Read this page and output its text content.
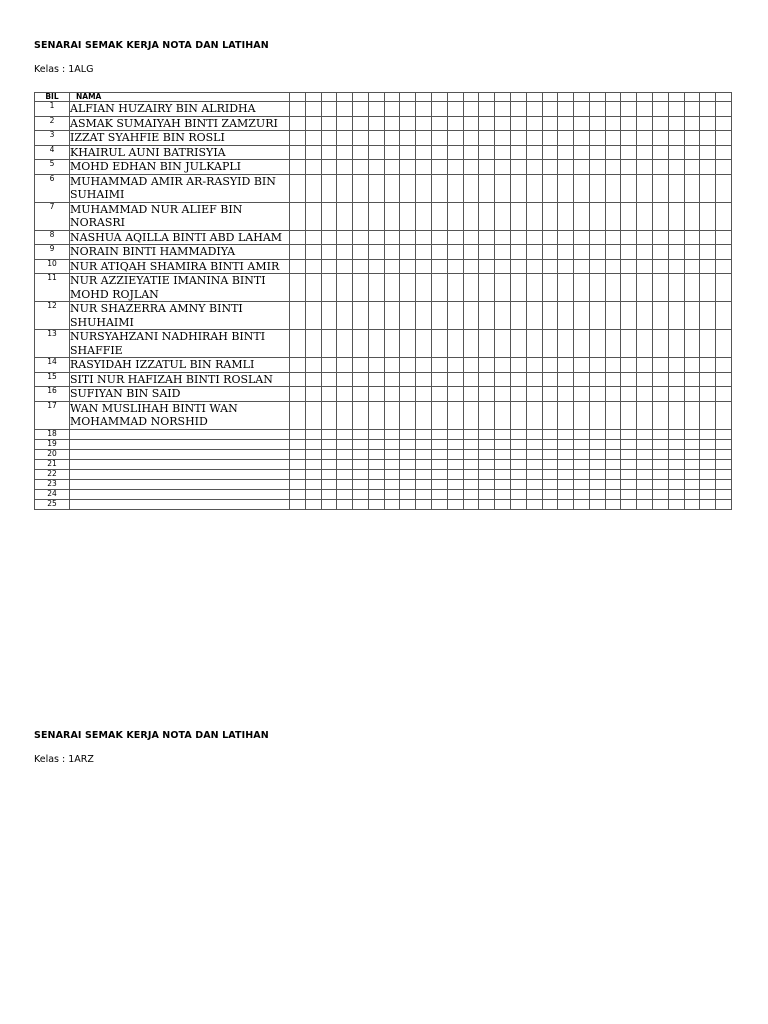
SENARAI SEMAK KERJA NOTA DAN LATIHAN
Kelas : 1ALG
BIL	NAMA																												
1	ALFIAN HUZAIRY BIN ALRIDHA																												
2	ASMAK SUMAIYAH BINTI ZAMZURI																												
3	IZZAT SYAHFIE BIN ROSLI																												
4	KHAIRUL AUNI BATRISYIA																												
5	MOHD EDHAN BIN JULKAPLI																												
6	MUHAMMAD AMIR AR-RASYID BIN SUHAIMI																												
7	MUHAMMAD NUR ALIEF BIN NORASRI																												
8	NASHUA AQILLA BINTI ABD LAHAM																												
9	NORAIN BINTI HAMMADIYA																												
10	NUR ATIQAH SHAMIRA BINTI AMIR																												
11	NUR AZZIEYATIE IMANINA BINTI MOHD ROJLAN																												
12	NUR SHAZERRA AMNY BINTI SHUHAIMI																												
13	NURSYAHZANI NADHIRAH BINTI SHAFFIE																												
14	RASYIDAH IZZATUL BIN RAMLI																												
15	SITI NUR HAFIZAH BINTI ROSLAN																												
16	SUFIYAN BIN SAID																												
17	WAN MUSLIHAH BINTI WAN MOHAMMAD NORSHID																												
18																													
19																													
20																													
21																													
22																													
23																													
24																													
25																													
SENARAI SEMAK KERJA NOTA DAN LATIHAN
Kelas : 1ARZ
